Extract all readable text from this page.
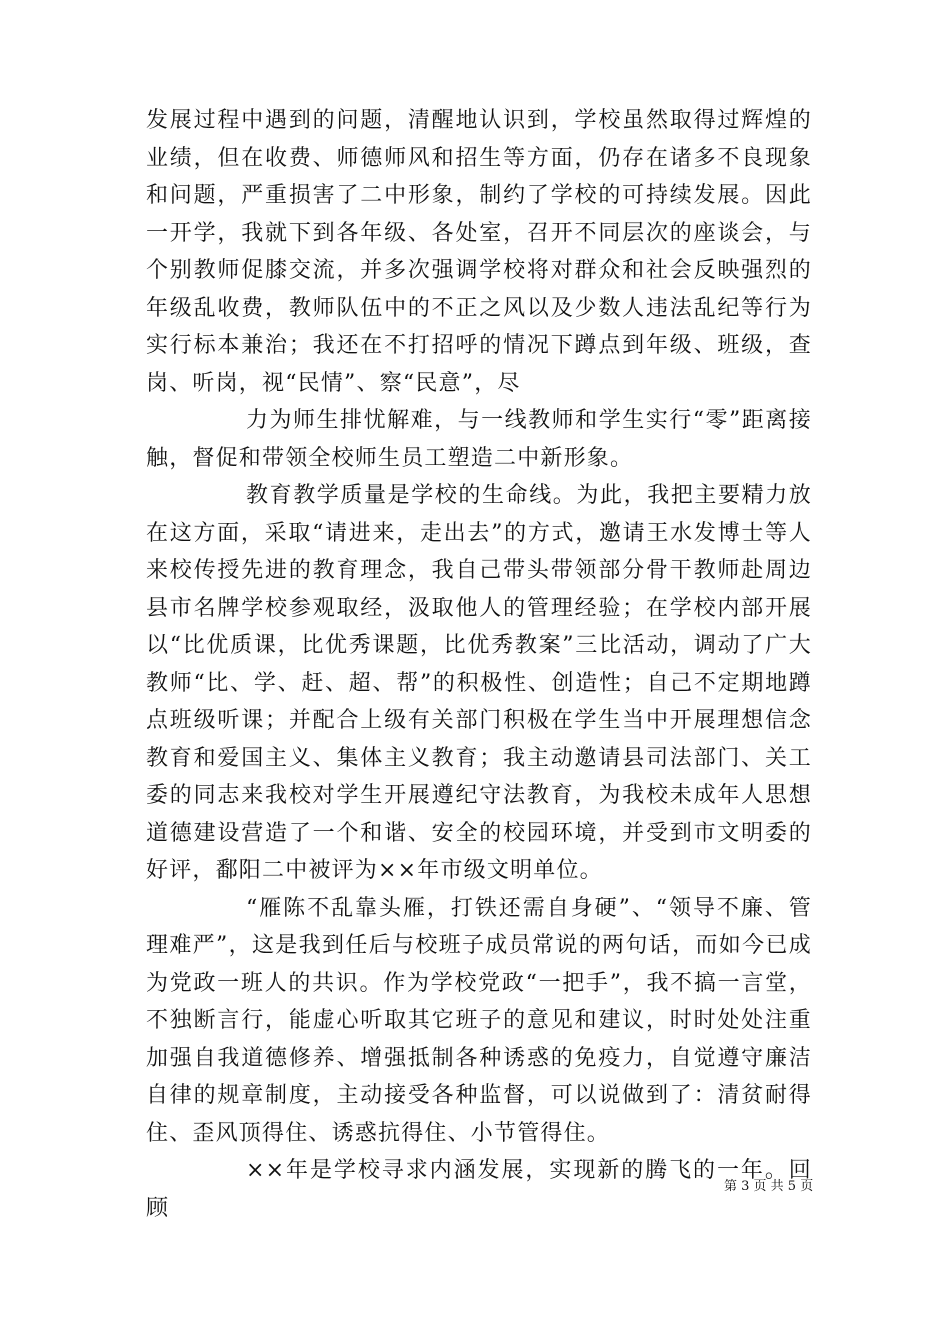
发展过程中遇到的问题，清醒地认识到，学校虽然取得过辉煌的业绩，但在收费、师德师风和招生等方面，仍存在诸多不良现象和问题，严重损害了二中形象，制约了学校的可持续发展。因此一开学，我就下到各年级、各处室，召开不同层次的座谈会，与个别教师促膝交流，并多次强调学校将对群众和社会反映强烈的年级乱收费，教师队伍中的不正之风以及少数人违法乱纪等行为实行标本兼治；我还在不打招呼的情况下蹲点到年级、班级，查岗、听岗，视“民情”、察“民意”，尽

力为师生排忧解难，与一线教师和学生实行“零”距离接触，督促和带领全校师生员工塑造二中新形象。

教育教学质量是学校的生命线。为此，我把主要精力放在这方面，采取“请进来，走出去”的方式，邀请王水发博士等人来校传授先进的教育理念，我自己带头带领部分骨干教师赴周边县市名牌学校参观取经，汲取他人的管理经验；在学校内部开展以“比优质课，比优秀课题，比优秀教案”三比活动，调动了广大教师“比、学、赶、超、帮”的积极性、创造性；自己不定期地蹲点班级听课；并配合上级有关部门积极在学生当中开展理想信念教育和爱国主义、集体主义教育；我主动邀请县司法部门、关工委的同志来我校对学生开展遵纪守法教育，为我校未成年人思想道德建设营造了一个和谐、安全的校园环境，并受到市文明委的好评，鄱阳二中被评为××年市级文明单位。

“雁陈不乱靠头雁，打铁还需自身硬”、“领导不廉、管理难严”，这是我到任后与校班子成员常说的两句话，而如今已成为党政一班人的共识。作为学校党政“一把手”，我不搞一言堂，不独断言行，能虚心听取其它班子的意见和建议，时时处处注重加强自我道德修养、增强抵制各种诱惑的免疫力，自觉遵守廉洁自律的规章制度，主动接受各种监督，可以说做到了：清贫耐得住、歪风顶得住、诱惑抗得住、小节管得住。

××年是学校寻求内涵发展，实现新的腾飞的一年。回顾

第 3 页 共 5 页
